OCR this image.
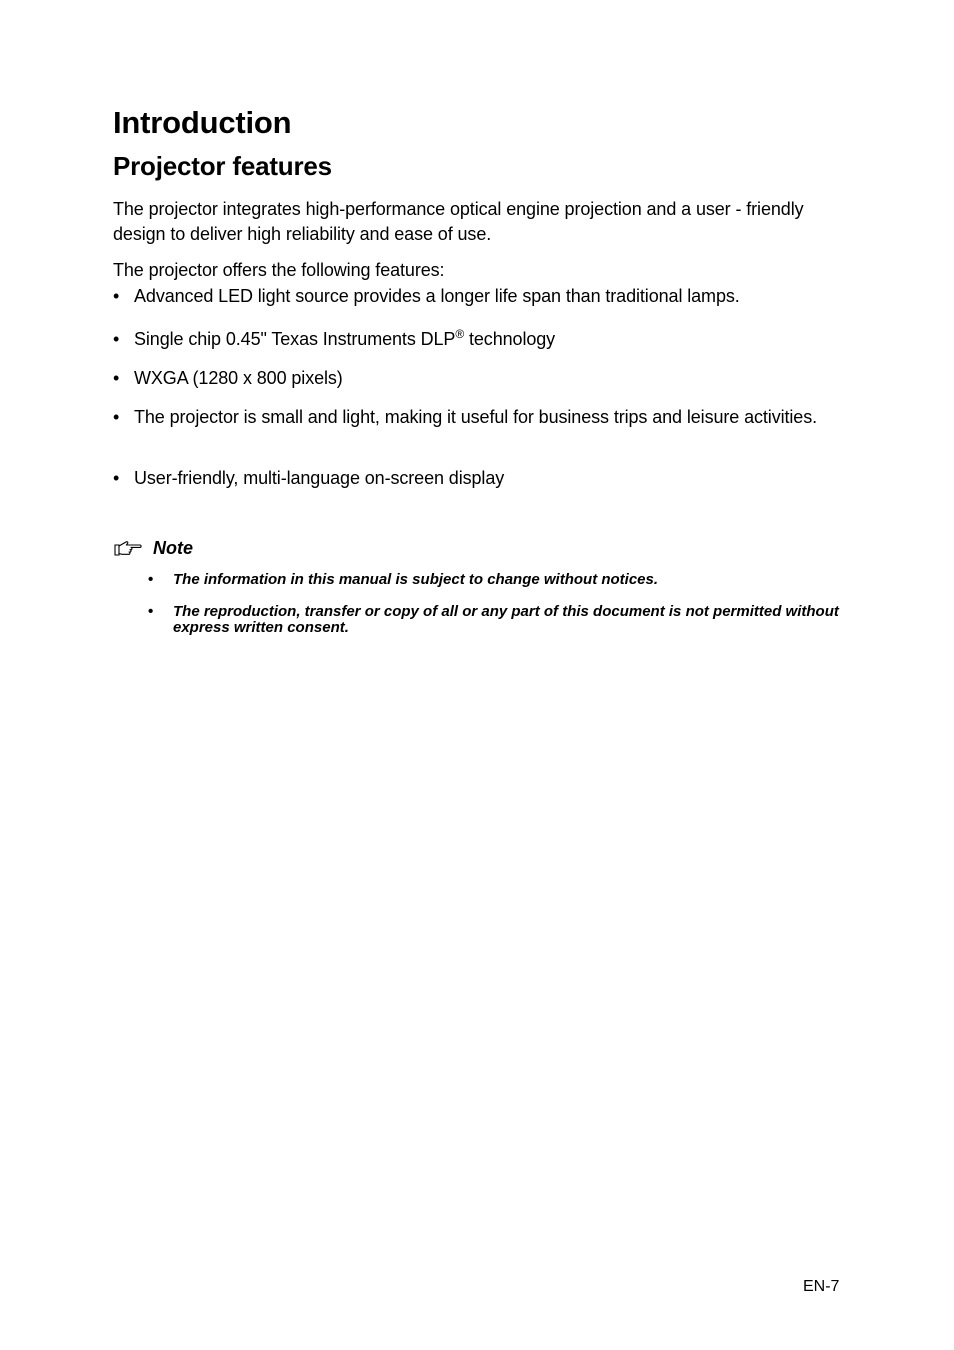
Introduction
Projector features

The projector integrates high-performance optical engine projection and a user - friendly design to deliver high reliability and ease of use.

The projector offers the following features:

• Advanced LED light source provides a longer life span than traditional lamps.
• Single chip 0.45" Texas Instruments DLP® technology
• WXGA (1280 x 800 pixels)
• The projector is small and light, making it useful for business trips and leisure activities.
• User-friendly, multi-language on-screen display
Note
• The information in this manual is subject to change without notices.
• The reproduction, transfer or copy of all or any part of this document is not permitted without express written consent.
EN-7
